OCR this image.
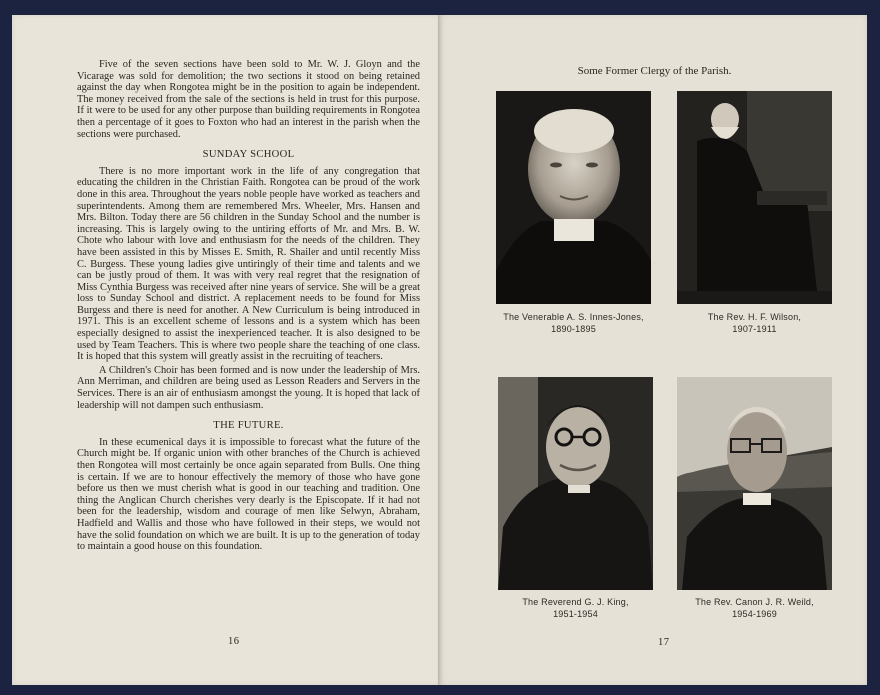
Five of the seven sections have been sold to Mr. W. J. Gloyn and the Vicarage was sold for demolition; the two sections it stood on being retained against the day when Rongotea might be in the position to again be independent. The money received from the sale of the sections is held in trust for this purpose. If it were to be used for any other purpose than building requirements in Rongotea then a percentage of it goes to Foxton who had an interest in the parish when the sections were purchased.

SUNDAY SCHOOL

There is no more important work in the life of any congregation that educating the children in the Christian Faith. Rongotea can be proud of the work done in this area. Throughout the years noble people have worked as teachers and superintendents. Among them are remembered Mrs. Wheeler, Mrs. Hansen and Mrs. Bilton. Today there are 56 children in the Sunday School and the number is increasing. This is largely owing to the untiring efforts of Mr. and Mrs. B. W. Chote who labour with love and enthusiasm for the needs of the children. They have been assisted in this by Misses E. Smith, R. Shailer and until recently Miss C. Burgess. These young ladies give untiringly of their time and talents and we can be justly proud of them. It was with very real regret that the resignation of Miss Cynthia Burgess was received after nine years of service. She will be a great loss to Sunday School and district. A replacement needs to be found for Miss Burgess and there is need for another. A New Curriculum is being introduced in 1971. This is an excellent scheme of lessons and is a system which has been especially designed to assist the inexperienced teacher. It is also designed to be used by Team Teachers. This is where two people share the teaching of one class. It is hoped that this system will greatly assist in the recruiting of teachers.

A Children's Choir has been formed and is now under the leadership of Mrs. Ann Merriman, and children are being used as Lesson Readers and Servers in the Services. There is an air of enthusiasm amongst the young. It is hoped that lack of leadership will not dampen such enthusiasm.

THE FUTURE.

In these ecumenical days it is impossible to forecast what the future of the Church might be. If organic union with other branches of the Church is achieved then Rongotea will most certainly be once again separated from Bulls. One thing is certain. If we are to honour effectively the memory of those who have gone before us then we must cherish what is good in our teaching and tradition. One thing the Anglican Church cherishes very dearly is the Episcopate. If it had not been for the leadership, wisdom and courage of men like Selwyn, Abraham, Hadfield and Wallis and those who have followed in their steps, we would not have the solid foundation on which we are built. It is up to the generation of today to maintain a good house on this foundation.

16
Some Former Clergy of the Parish.
The Venerable A. S. Innes-Jones,
1890-1895
The Rev. H. F. Wilson,
1907-1911
The Reverend G. J. King,
1951-1954
The Rev. Canon J. R. Weild,
1954-1969
17
